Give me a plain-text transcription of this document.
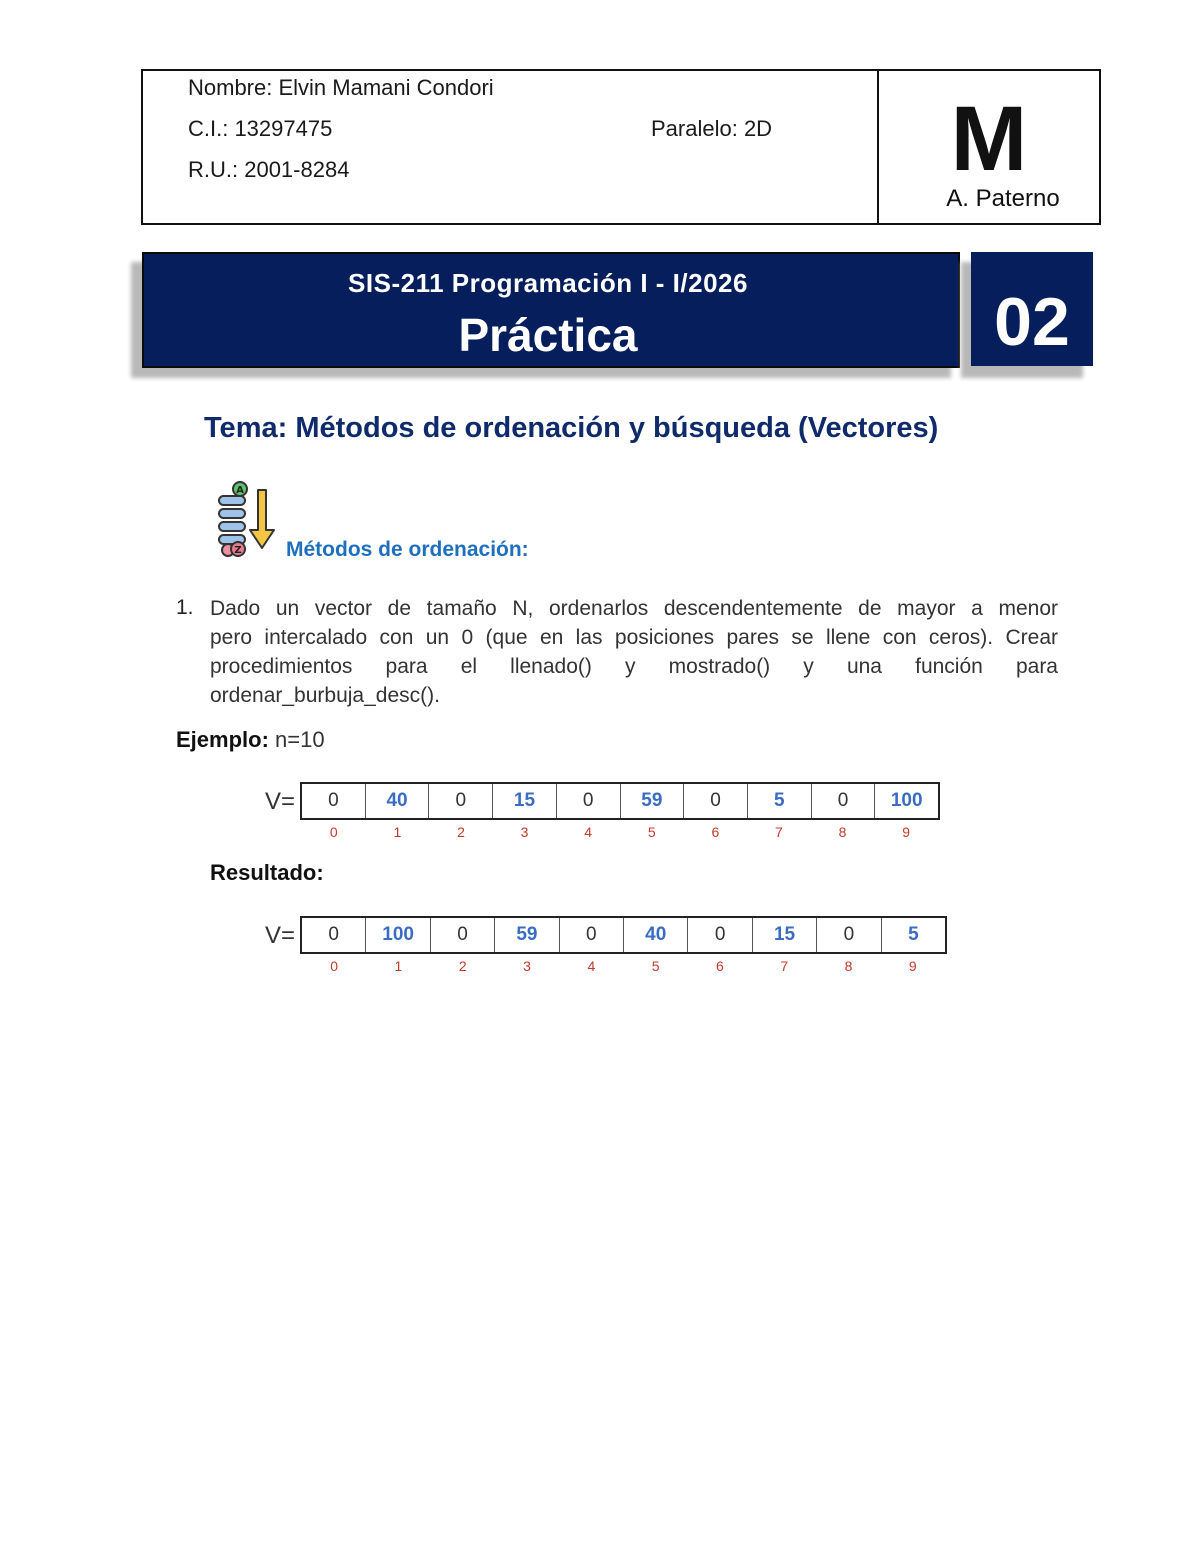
Nombre: Elvin Mamani Condori
C.I.: 13297475	Paralelo: 2D
R.U.: 2001-8284	M
A. Paterno
SIS-211 Programación I - I/2026
Práctica	02
Tema: Métodos de ordenación y búsqueda (Vectores)
A
Z Métodos de ordenación:
1. Dado un vector de tamaño N, ordenarlos descendentemente de mayor a menor
pero intercalado con un 0 (que en las posiciones pares se llene con ceros). Crear
procedimientos para el llenado() y mostrado() y una función para
ordenar_burbuja_desc().
Ejemplo: n=10
V=	0	40	0	15	0	59	0	5	0	100
0	1	2	3	4	5	6	7	8	9
Resultado:
V=	0	100	0	59	0	40	0	15	0	5
0	1	2	3	4	5	6	7	8	9
